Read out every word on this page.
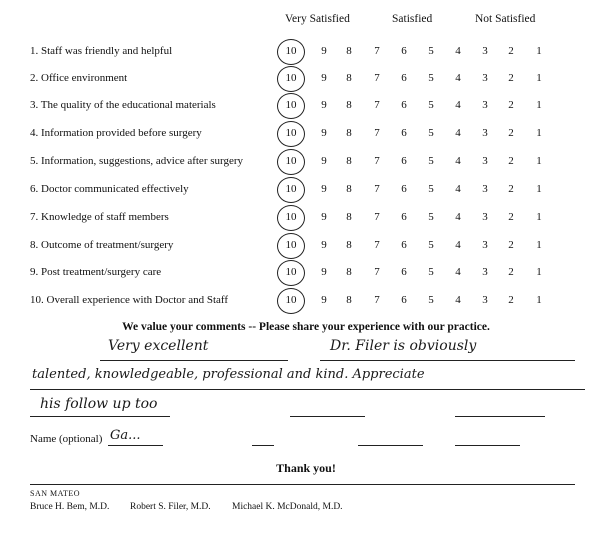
Very Satisfied	Satisfied	Not Satisfied
1. Staff was friendly and helpful	10	9	8	7	6	5	4	3	2	1
2. Office environment	10	9	8	7	6	5	4	3	2	1
3. The quality of the educational materials	10	9	8	7	6	5	4	3	2	1
4. Information provided before surgery	10	9	8	7	6	5	4	3	2	1
5. Information, suggestions, advice after surgery	10	9	8	7	6	5	4	3	2	1
6. Doctor communicated effectively	10	9	8	7	6	5	4	3	2	1
7. Knowledge of staff members	10	9	8	7	6	5	4	3	2	1
8. Outcome of treatment/surgery	10	9	8	7	6	5	4	3	2	1
9. Post treatment/surgery care	10	9	8	7	6	5	4	3	2	1
10. Overall experience with Doctor and Staff	10	9	8	7	6	5	4	3	2	1
We value your comments -- Please share your experience with our practice.
Very excellent	Dr. Filer is obviously
talented, knowledgeable, professional and kind. Appreciate
his follow up too
Name (optional) Ga...
Thank you!
SAN MATEO
Bruce H. Bem, M.D. Robert S. Filer, M.D. Michael K. McDonald, M.D.
